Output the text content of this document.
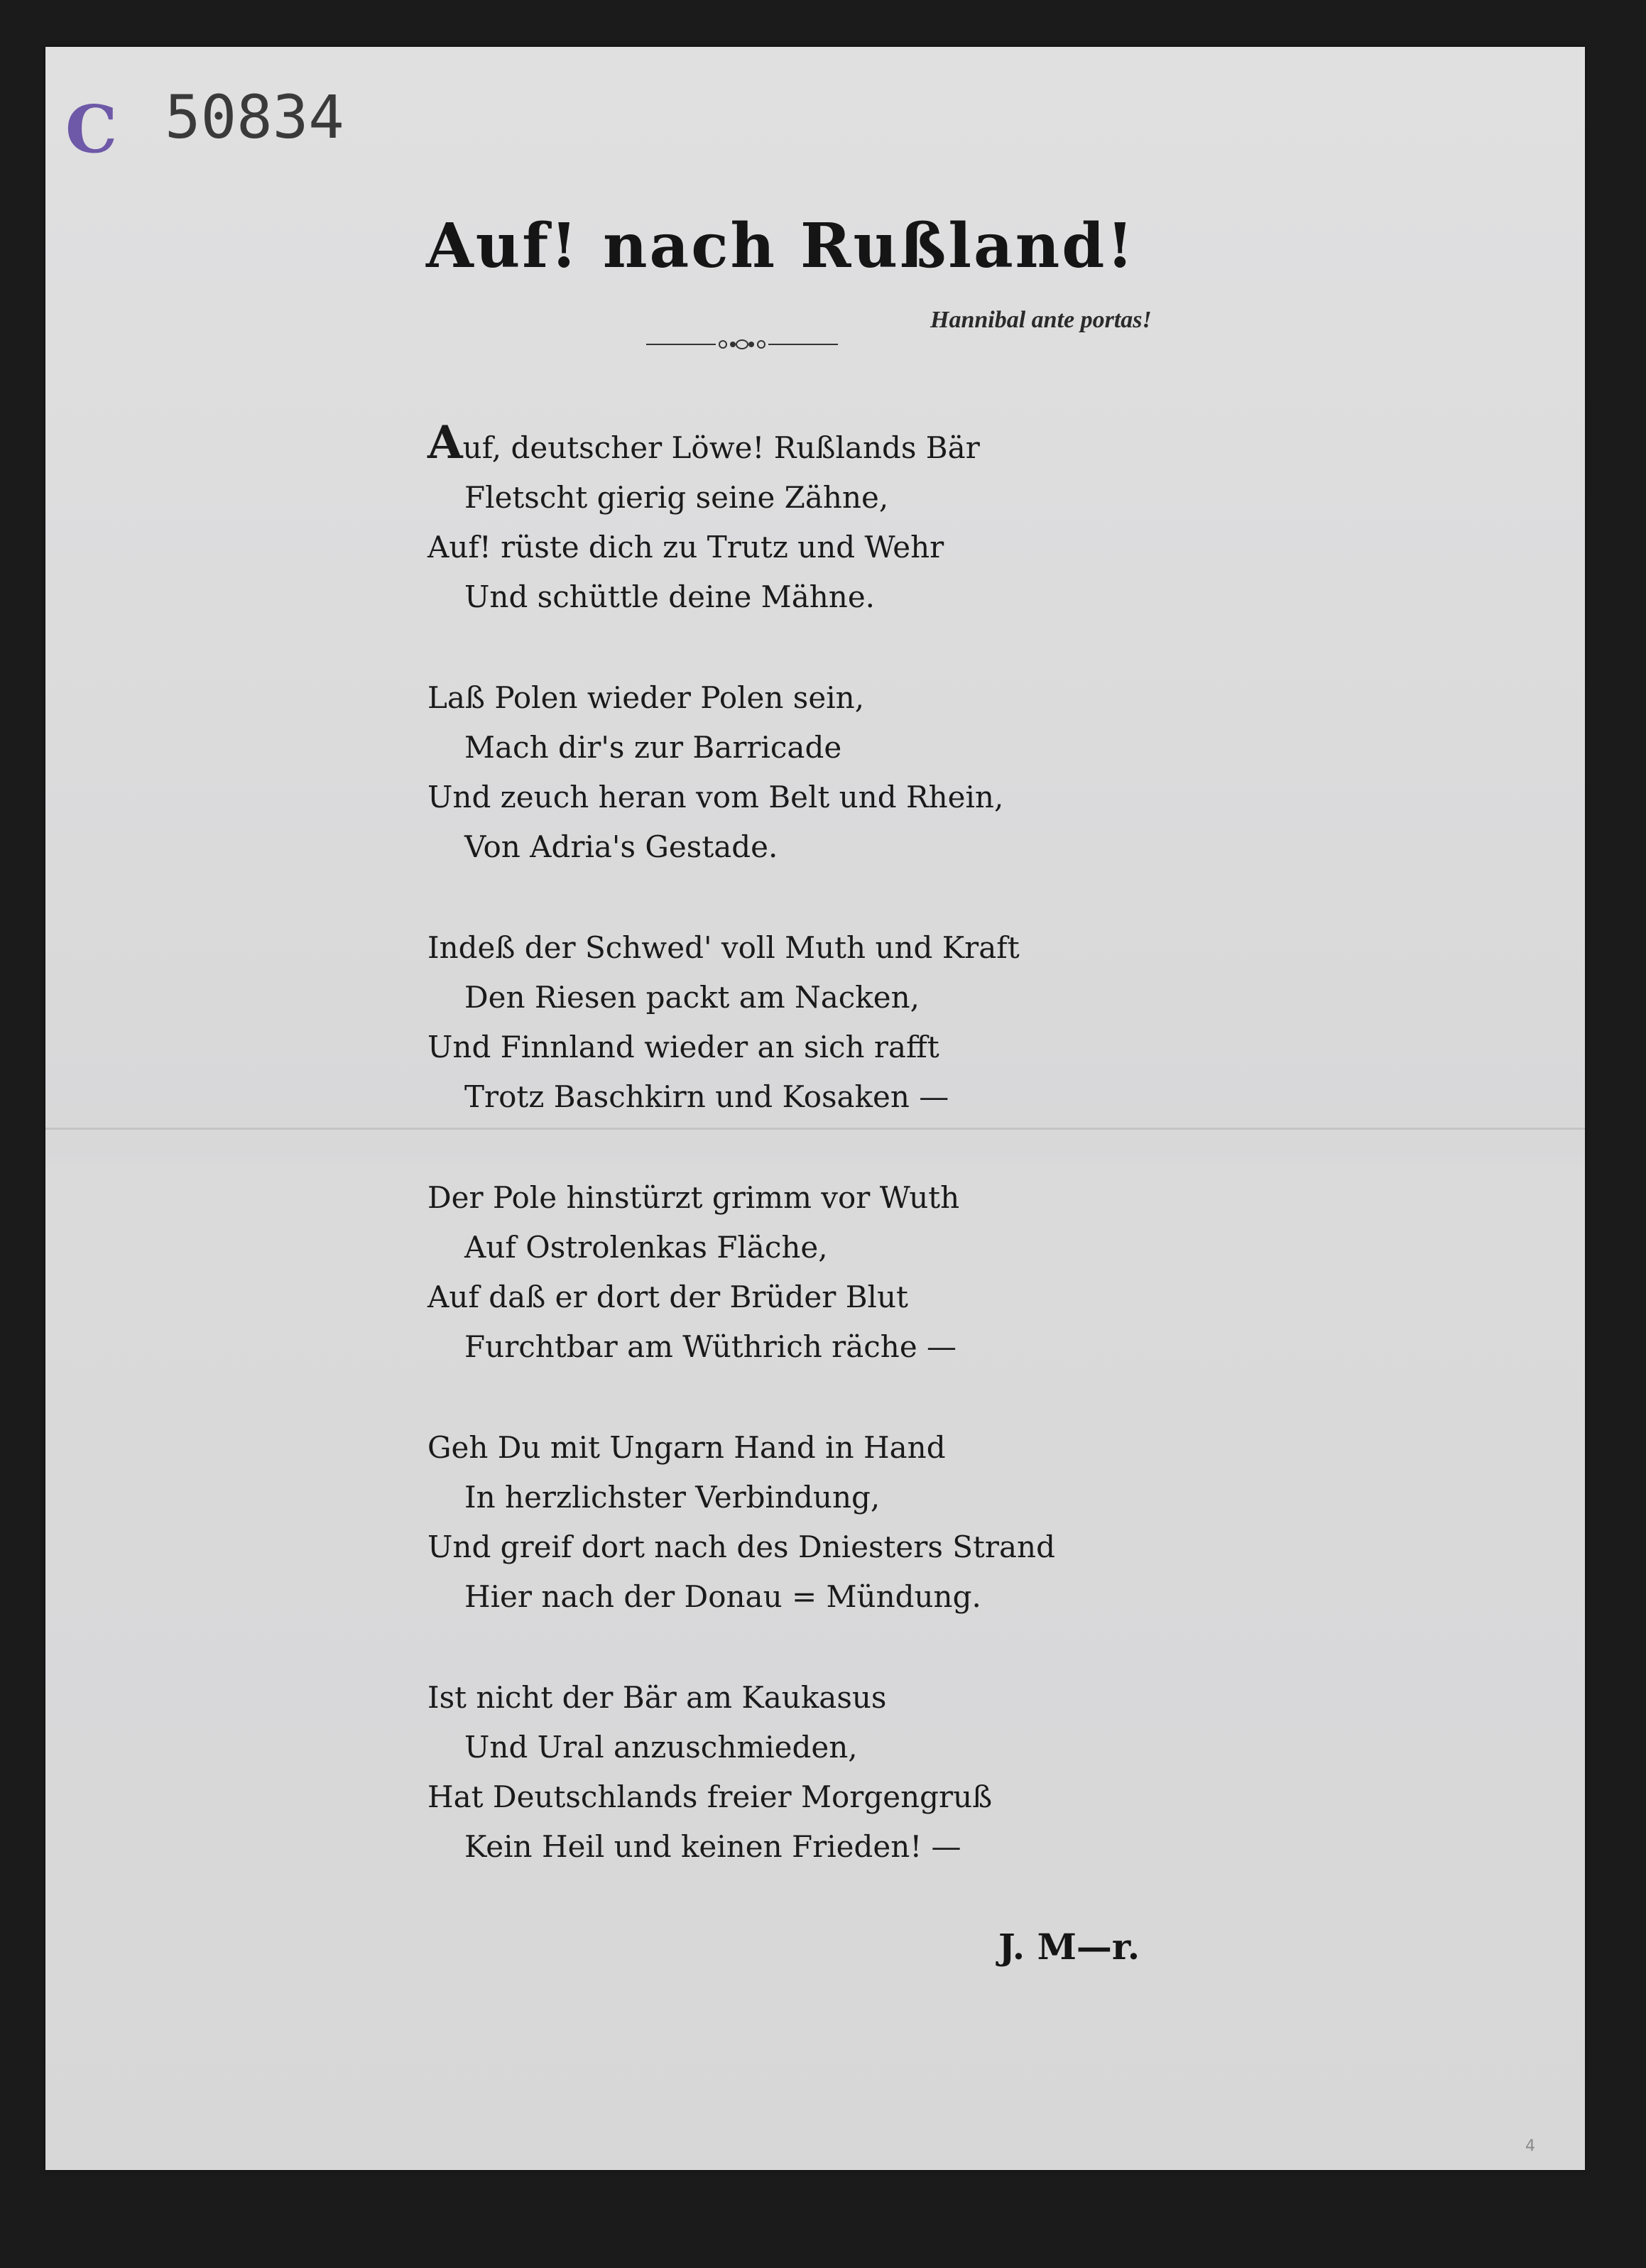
C 50834
Auf! nach Rußland!
Hannibal ante portas!
Auf, deutscher Löwe! Rußlands Bär
Fletscht gierig seine Zähne,
Auf! rüste dich zu Trutz und Wehr
Und schüttle deine Mähne.
Laß Polen wieder Polen sein,
Mach dir's zur Barricade
Und zeuch heran vom Belt und Rhein,
Von Adria's Gestade.
Indeß der Schwed' voll Muth und Kraft
Den Riesen packt am Nacken,
Und Finnland wieder an sich rafft
Trotz Baschkirn und Kosaken —
Der Pole hinstürzt grimm vor Wuth
Auf Ostrolenkas Fläche,
Auf daß er dort der Brüder Blut
Furchtbar am Wüthrich räche —
Geh Du mit Ungarn Hand in Hand
In herzlichster Verbindung,
Und greif dort nach des Dniesters Strand
Hier nach der Donau = Mündung.
Ist nicht der Bär am Kaukasus
Und Ural anzuschmieden,
Hat Deutschlands freier Morgengruß
Kein Heil und keinen Frieden! —
J. M—r.
4
